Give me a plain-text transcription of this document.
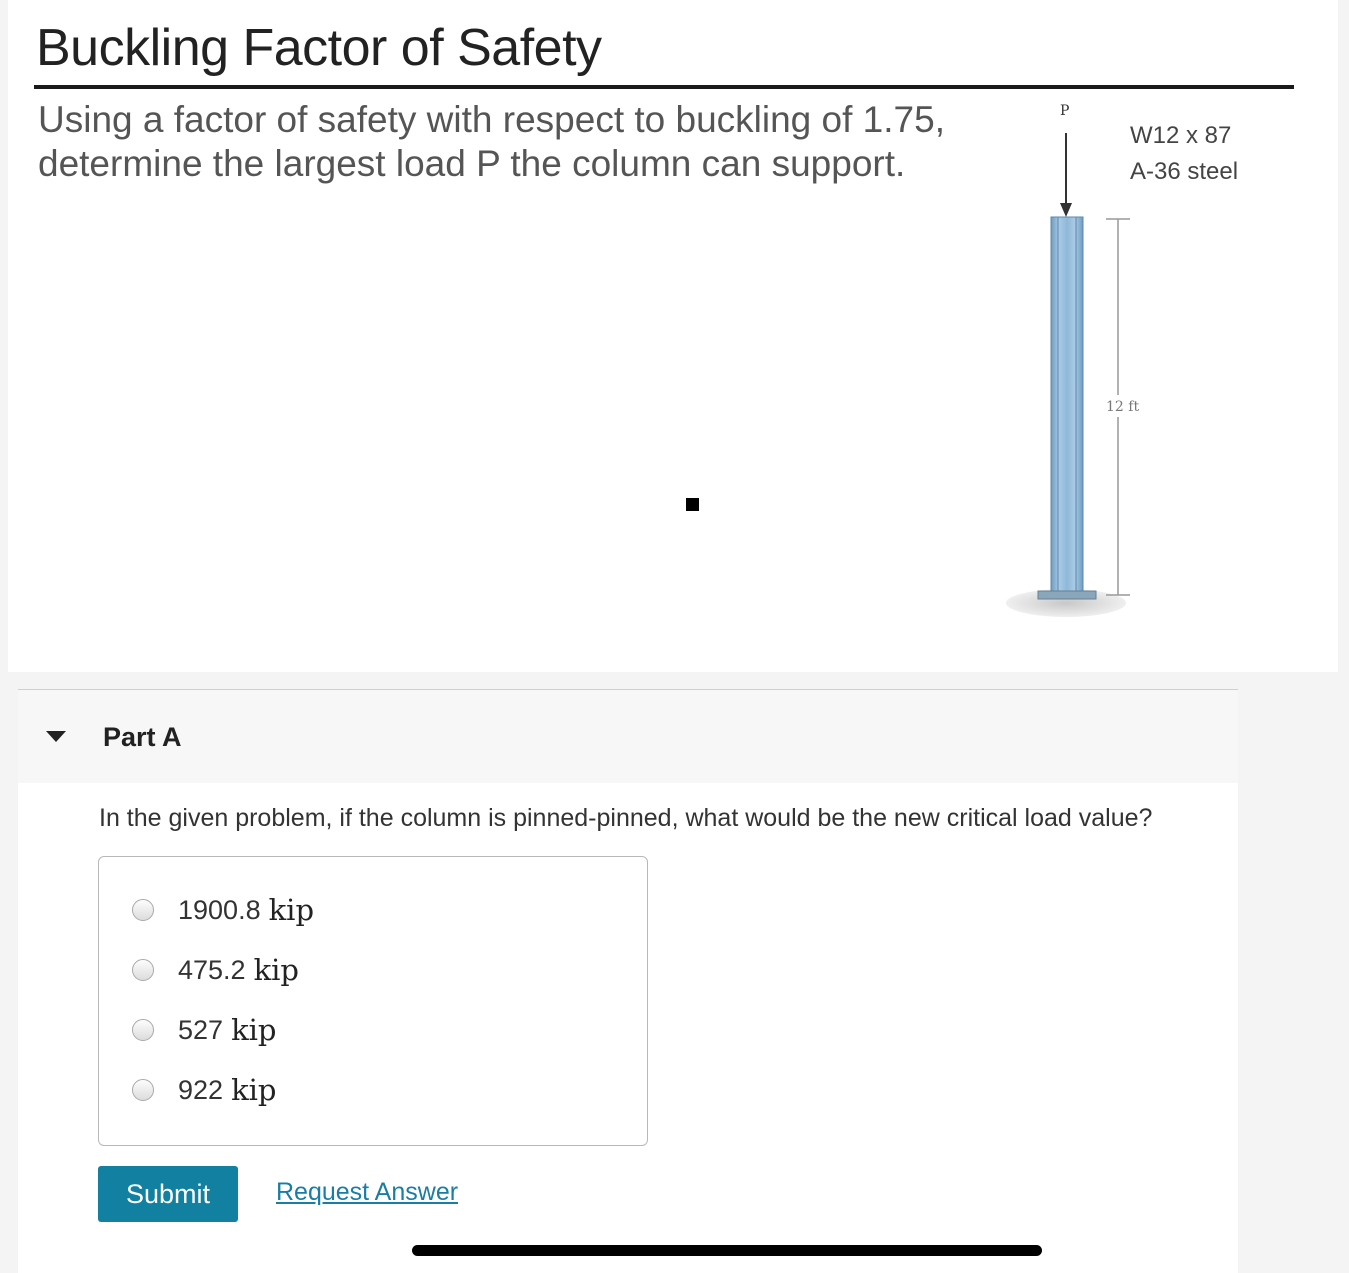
Buckling Factor of Safety
Using a factor of safety with respect to buckling of 1.75, determine the largest load P the column can support.
P
W12 x 87
A-36 steel
12 ft
Part A
In the given problem, if the column is pinned-pinned, what would be the new critical load value?
1900.8 kip
475.2 kip
527 kip
922 kip
Submit	Request Answer
